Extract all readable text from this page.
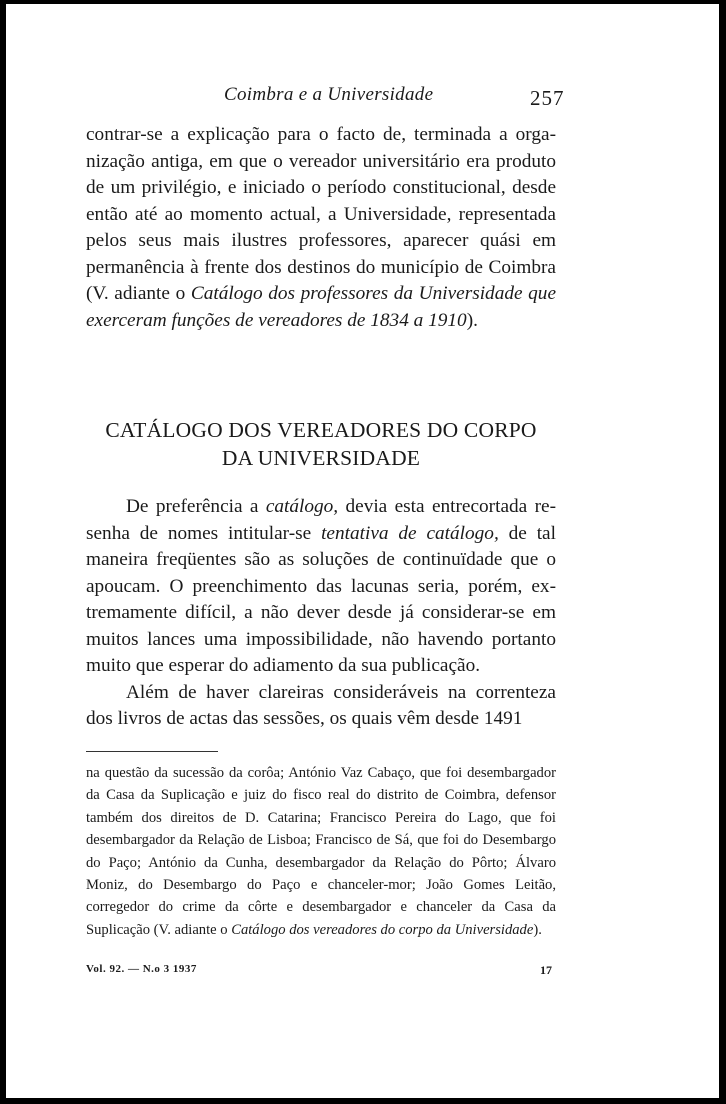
Coimbra e a Universidade	257

contrar-se a explicação para o facto de, terminada a organização antiga, em que o vereador universitário era produto de um privilégio, e iniciado o período constitucional, desde então até ao momento actual, a Universidade, representada pelos seus mais ilustres professores, aparecer quási em permanência à frente dos destinos do município de Coimbra (V. adiante o Catálogo dos professores da Universidade que exerceram funções de vereadores de 1834 a 1910).

CATÁLOGO DOS VEREADORES DO CORPO
DA UNIVERSIDADE

De preferência a catálogo, devia esta entrecortada resenha de nomes intitular-se tentativa de catálogo, de tal maneira freqüentes são as soluções de continuïdade que o apoucam. O preenchimento das lacunas seria, porém, extremamente difícil, a não dever desde já considerar-se em muitos lances uma impossibilidade, não havendo portanto muito que esperar do adiamento da sua publicação.

Além de haver clareiras consideráveis na correnteza dos livros de actas das sessões, os quais vêm desde 1491

na questão da sucessão da corôa; António Vaz Cabaço, que foi desembargador da Casa da Suplicação e juiz do fisco real do distrito de Coimbra, defensor também dos direitos de D. Catarina; Francisco Pereira do Lago, que foi desembargador da Relação de Lisboa; Francisco de Sá, que foi do Desembargo do Paço; António da Cunha, desembargador da Relação do Pôrto; Álvaro Moniz, do Desembargo do Paço e chanceler-mor; João Gomes Leitão, corregedor do crime da côrte e desembargador e chanceler da Casa da Suplicação (V. adiante o Catálogo dos vereadores do corpo da Universidade).
Vol. 92. — N.o 3 1937	17
